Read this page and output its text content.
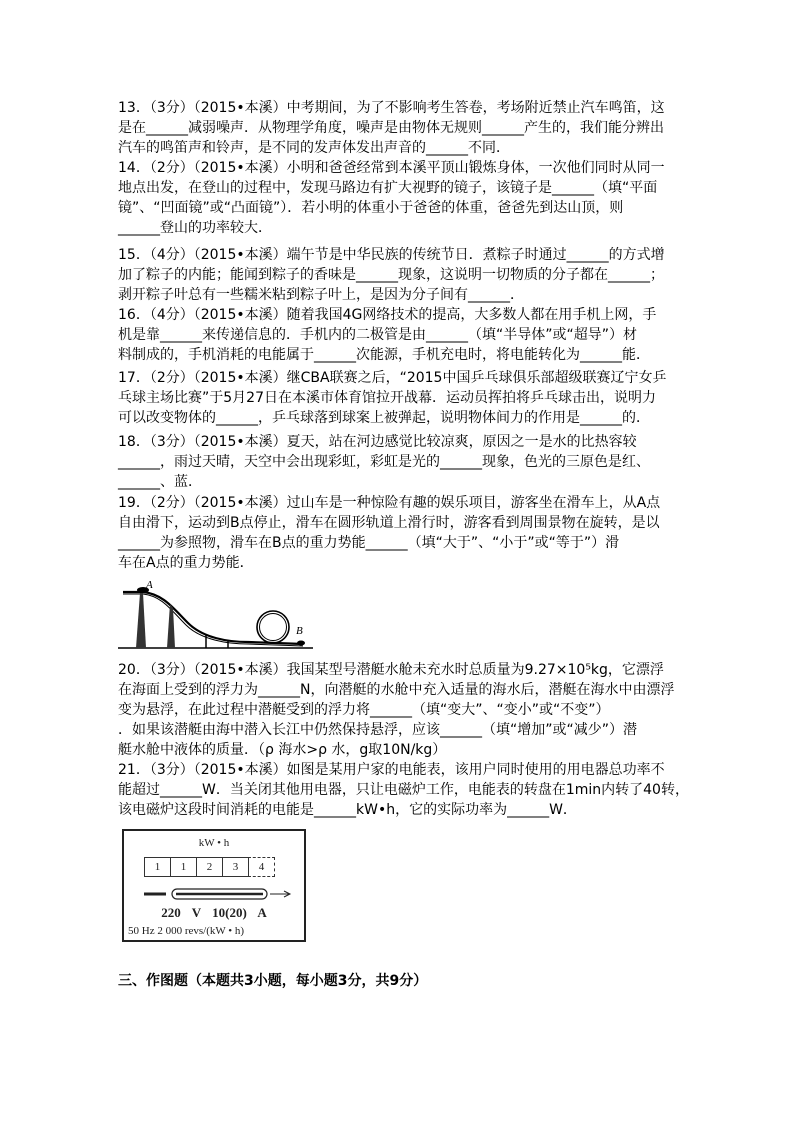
13．（3分）（2015•本溪）中考期间，为了不影响考生答卷，考场附近禁止汽车鸣笛，这
是在______减弱噪声．从物理学角度，噪声是由物体无规则______产生的，我们能分辨出
汽车的鸣笛声和铃声，是不同的发声体发出声音的______不同．
14．（2分）（2015•本溪）小明和爸爸经常到本溪平顶山锻炼身体，一次他们同时从同一
地点出发，在登山的过程中，发现马路边有扩大视野的镜子，该镜子是______（填“平面
镜”、“凹面镜”或“凸面镜”）．若小明的体重小于爸爸的体重，爸爸先到达山顶，则
______登山的功率较大．
15．（4分）（2015•本溪）端午节是中华民族的传统节日．煮粽子时通过______的方式增
加了粽子的内能；能闻到粽子的香味是______现象，这说明一切物质的分子都在______；
剥开粽子叶总有一些糯米粘到粽子叶上，是因为分子间有______．
16．（4分）（2015•本溪）随着我国4G网络技术的提高，大多数人都在用手机上网，手
机是靠______来传递信息的．手机内的二极管是由______（填“半导体”或“超导”）材
料制成的，手机消耗的电能属于______次能源，手机充电时，将电能转化为______能．
17．（2分）（2015•本溪）继CBA联赛之后，“2015中国乒乓球俱乐部超级联赛辽宁女乒
乓球主场比赛”于5月27日在本溪市体育馆拉开战幕．运动员挥拍将乒乓球击出，说明力
可以改变物体的______，乒乓球落到球案上被弹起，说明物体间力的作用是______的．
18．（3分）（2015•本溪）夏天，站在河边感觉比较凉爽，原因之一是水的比热容较
______，雨过天晴，天空中会出现彩虹，彩虹是光的______现象，色光的三原色是红、
______、蓝．
19．（2分）（2015•本溪）过山车是一种惊险有趣的娱乐项目，游客坐在滑车上，从A点
自由滑下，运动到B点停止，滑车在圆形轨道上滑行时，游客看到周围景物在旋转，是以
______为参照物，滑车在B点的重力势能______（填“大于”、“小于”或“等于”）滑
车在A点的重力势能．
A
B
20．（3分）（2015•本溪）我国某型号潜艇水舱未充水时总质量为9.27×10⁵kg，它漂浮
在海面上受到的浮力为______N，向潜艇的水舱中充入适量的海水后，潜艇在海水中由漂浮
变为悬浮，在此过程中潜艇受到的浮力将______（填“变大”、“变小”或“不变”）
．如果该潜艇由海中潜入长江中仍然保持悬浮，应该______（填“增加”或“减少”）潜
艇水舱中液体的质量．（ρ 海水>ρ 水，g取10N/kg）
21．（3分）（2015•本溪）如图是某用户家的电能表，该用户同时使用的用电器总功率不
能超过______W．当关闭其他用电器，只让电磁炉工作，电能表的转盘在1min内转了40转，
该电磁炉这段时间消耗的电能是______kW•h，它的实际功率为______W．
kW • h
1	1	2	3	4
220 V 10(20) A
50 Hz 2 000 revs/(kW • h)
三、作图题（本题共3小题，每小题3分，共9分）
